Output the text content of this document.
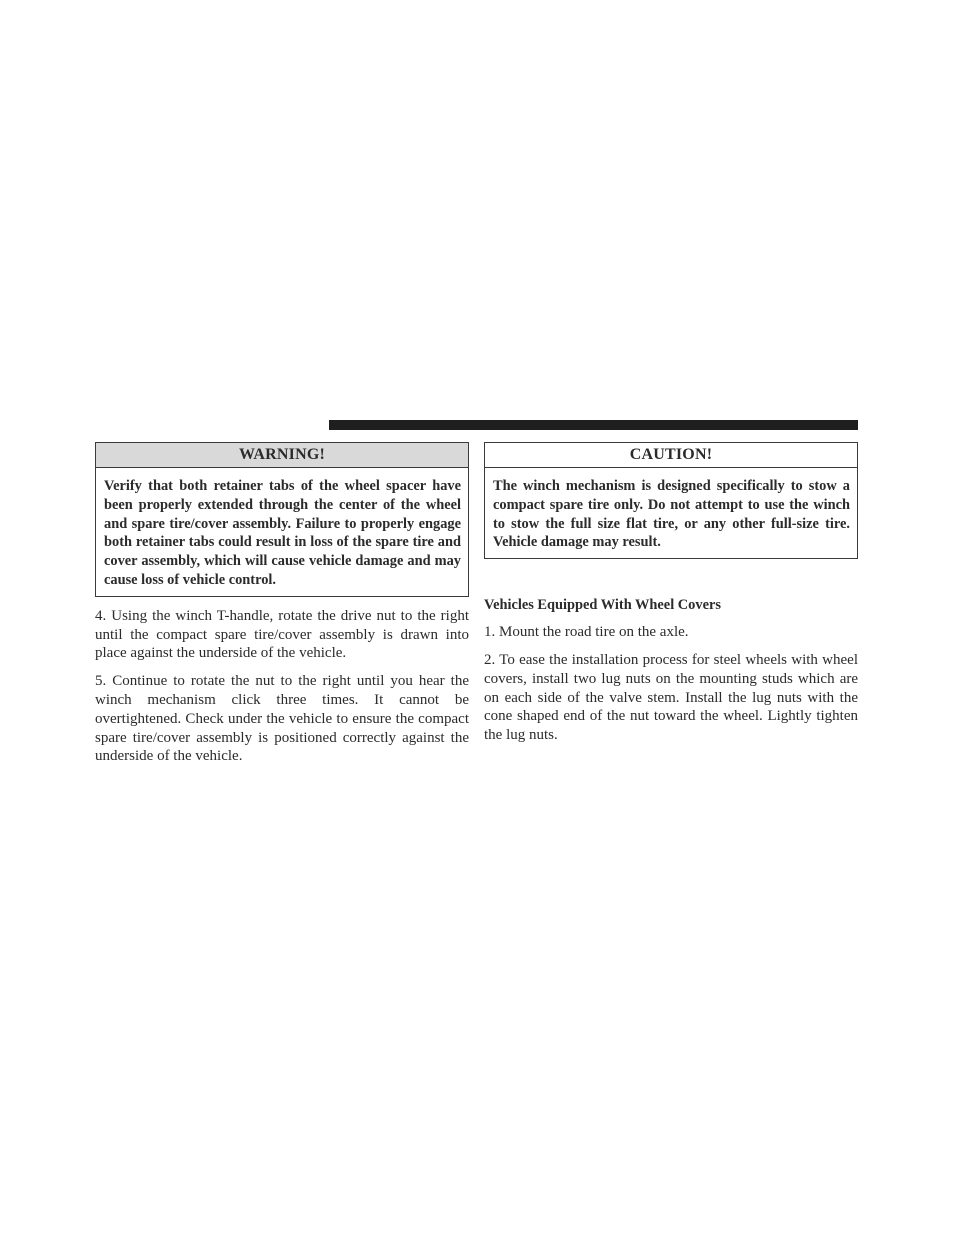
WARNING!
Verify that both retainer tabs of the wheel spacer have been properly extended through the center of the wheel and spare tire/cover assembly. Failure to properly engage both retainer tabs could result in loss of the spare tire and cover assembly, which will cause vehicle damage and may cause loss of vehicle control.

4. Using the winch T-handle, rotate the drive nut to the right until the compact spare tire/cover assembly is drawn into place against the underside of the vehicle.

5. Continue to rotate the nut to the right until you hear the winch mechanism click three times. It cannot be overtightened. Check under the vehicle to ensure the compact spare tire/cover assembly is positioned correctly against the underside of the vehicle.

CAUTION!
The winch mechanism is designed specifically to stow a compact spare tire only. Do not attempt to use the winch to stow the full size flat tire, or any other full-size tire. Vehicle damage may result.

Vehicles Equipped With Wheel Covers

1. Mount the road tire on the axle.

2. To ease the installation process for steel wheels with wheel covers, install two lug nuts on the mounting studs which are on each side of the valve stem. Install the lug nuts with the cone shaped end of the nut toward the wheel. Lightly tighten the lug nuts.
